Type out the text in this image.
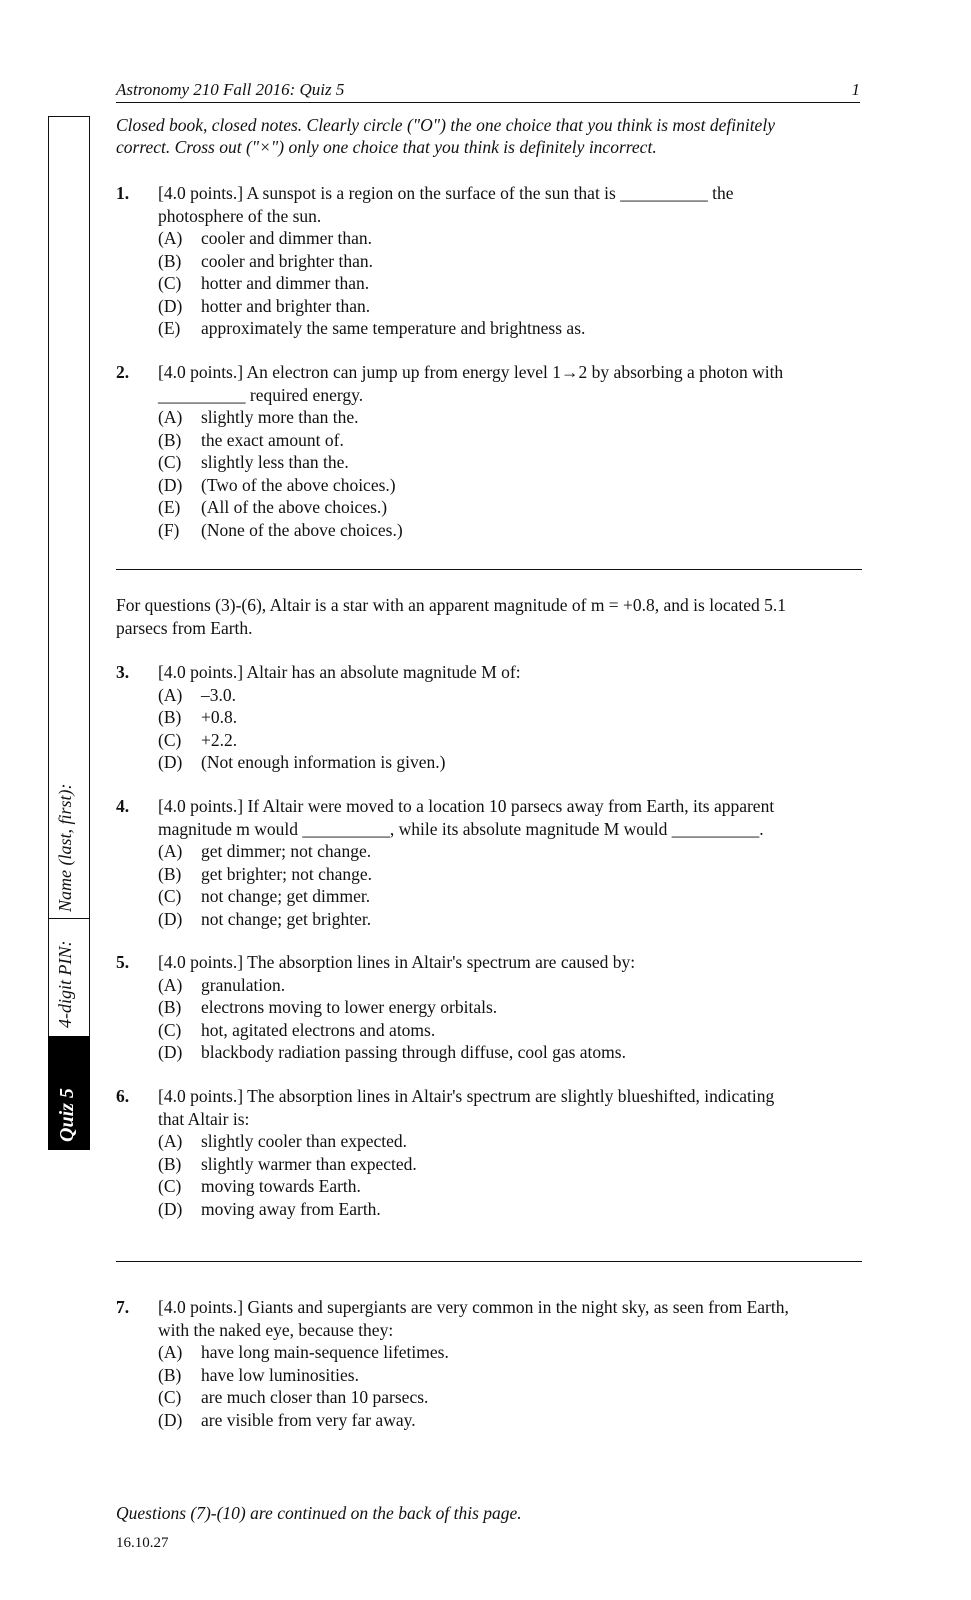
Astronomy 210 Fall 2016: Quiz 5	1
Name (last, first):
4-digit PIN:
Quiz 5
Closed book, closed notes. Clearly circle ("O") the one choice that you think is most definitely
correct. Cross out ("×") only one choice that you think is definitely incorrect.
1. [4.0 points.] A sunspot is a region on the surface of the sun that is __________ the
photosphere of the sun.
(A) cooler and dimmer than.
(B) cooler and brighter than.
(C) hotter and dimmer than.
(D) hotter and brighter than.
(E) approximately the same temperature and brightness as.
2. [4.0 points.] An electron can jump up from energy level 1→2 by absorbing a photon with
__________ required energy.
(A) slightly more than the.
(B) the exact amount of.
(C) slightly less than the.
(D) (Two of the above choices.)
(E) (All of the above choices.)
(F) (None of the above choices.)
For questions (3)-(6), Altair is a star with an apparent magnitude of m = +0.8, and is located 5.1
parsecs from Earth.
3. [4.0 points.] Altair has an absolute magnitude M of:
(A) –3.0.
(B) +0.8.
(C) +2.2.
(D) (Not enough information is given.)
4. [4.0 points.] If Altair were moved to a location 10 parsecs away from Earth, its apparent
magnitude m would __________, while its absolute magnitude M would __________.
(A) get dimmer; not change.
(B) get brighter; not change.
(C) not change; get dimmer.
(D) not change; get brighter.
5. [4.0 points.] The absorption lines in Altair's spectrum are caused by:
(A) granulation.
(B) electrons moving to lower energy orbitals.
(C) hot, agitated electrons and atoms.
(D) blackbody radiation passing through diffuse, cool gas atoms.
6. [4.0 points.] The absorption lines in Altair's spectrum are slightly blueshifted, indicating
that Altair is:
(A) slightly cooler than expected.
(B) slightly warmer than expected.
(C) moving towards Earth.
(D) moving away from Earth.
7. [4.0 points.] Giants and supergiants are very common in the night sky, as seen from Earth,
with the naked eye, because they:
(A) have long main-sequence lifetimes.
(B) have low luminosities.
(C) are much closer than 10 parsecs.
(D) are visible from very far away.
Questions (7)-(10) are continued on the back of this page.
16.10.27
